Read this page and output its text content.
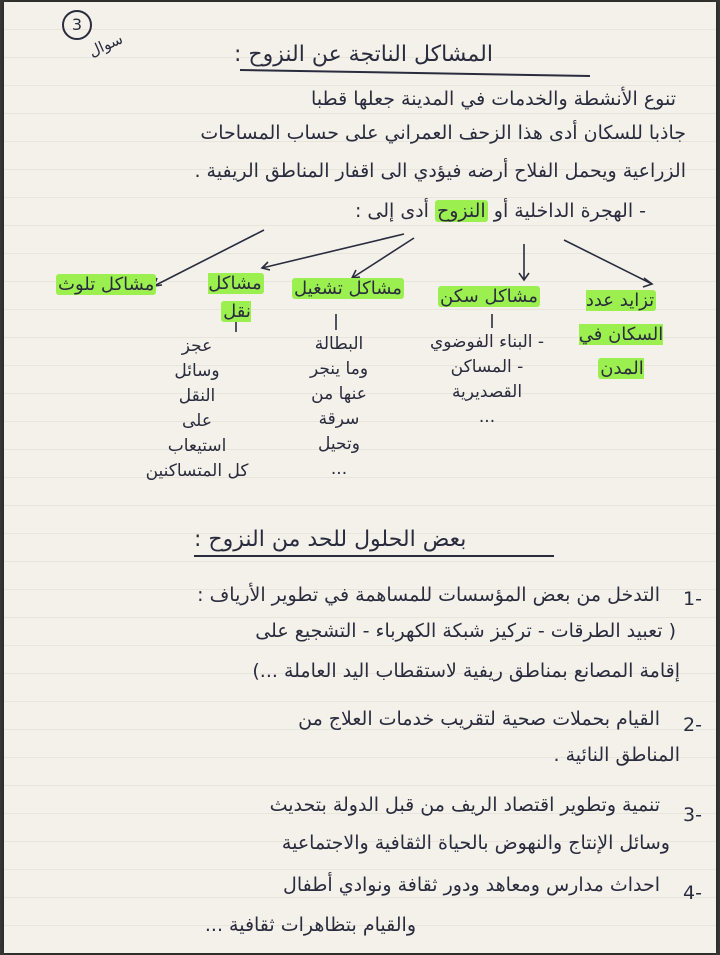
3
سوال	المشاكل الناتجة عن النزوح :
تنوع الأنشطة والخدمات في المدينة جعلها قطبا
جاذبا للسكان أدى هذا الزحف العمراني على حساب المساحات
الزراعية ويحمل الفلاح أرضه فيؤدي الى اقفار المناطق الريفية .
- الهجرة الداخلية أو النزوح أدى إلى :
تزايد عدد السكان في المدن
مشاكل سكن
- البناء الفوضوي
- المساكن
القصديرية
...
مشاكل تشغيل
البطالة
وما ينجر
عنها من
سرقة
وتحيل
...
مشاكل نقل
عجز
وسائل
النقل
على
استيعاب
كل المتساكنين
مشاكل تلوث
بعض الحلول للحد من النزوح :
1-
التدخل من بعض المؤسسات للمساهمة في تطوير الأرياف :
( تعبيد الطرقات - تركيز شبكة الكهرباء - التشجيع على
إقامة المصانع بمناطق ريفية لاستقطاب اليد العاملة ...)
2-
القيام بحملات صحية لتقريب خدمات العلاج من
المناطق النائية .
3-
تنمية وتطوير اقتصاد الريف من قبل الدولة بتحديث
وسائل الإنتاج والنهوض بالحياة الثقافية والاجتماعية
4-
احداث مدارس ومعاهد ودور ثقافة ونوادي أطفال
والقيام بتظاهرات ثقافية ...
